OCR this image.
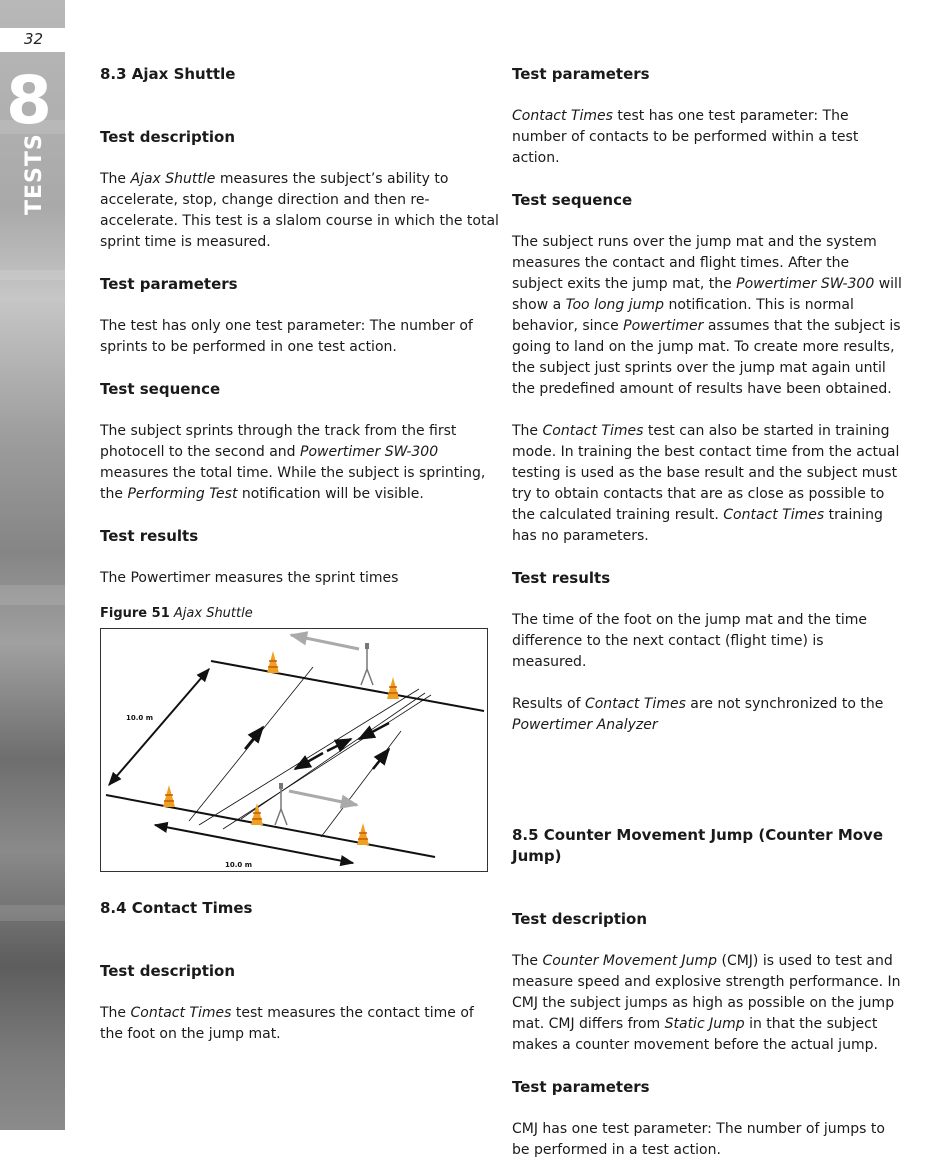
32
8
TESTS
8.3 Ajax Shuttle
Test description

The Ajax Shuttle measures the subject’s ability to accelerate, stop, change direction and then re-accelerate. This test is a slalom course in which the total sprint time is measured.

Test parameters

The test has only one test parameter: The number of sprints to be performed in one test action.

Test sequence

The subject sprints through the track from the first photocell to the second and Powertimer SW-300 measures the total time. While the subject is sprinting, the Performing Test notification will be visible.

Test results

The Powertimer measures the sprint times

Figure 51 Ajax Shuttle

10.0 m
10.0 m
8.4 Contact Times
Test description

The Contact Times test measures the contact time of the foot on the jump mat.

Test parameters

Contact Times test has one test parameter: The number of contacts to be performed within a test action.

Test sequence

The subject runs over the jump mat and the system measures the contact and flight times. After the subject exits the jump mat, the Powertimer SW-300 will show a Too long jump notification. This is normal behavior, since Powertimer assumes that the subject is going to land on the jump mat. To create more results, the subject just sprints over the jump mat again until the predefined amount of results have been obtained.

The Contact Times test can also be started in training mode. In training the best contact time from the actual testing is used as the base result and the subject must try to obtain contacts that are as close as possible to the calculated training result. Contact Times training has no parameters.

Test results

The time of the foot on the jump mat and the time difference to the next contact (flight time) is measured.

Results of Contact Times are not synchronized to the Powertimer Analyzer

8.5 Counter Movement Jump (Counter Move Jump)
Test description

The Counter Movement Jump (CMJ) is used to test and measure speed and explosive strength performance. In CMJ the subject jumps as high as possible on the jump mat. CMJ differs from Static Jump in that the subject makes a counter movement before the actual jump.

Test parameters

CMJ has one test parameter: The number of jumps to be performed in a test action.
